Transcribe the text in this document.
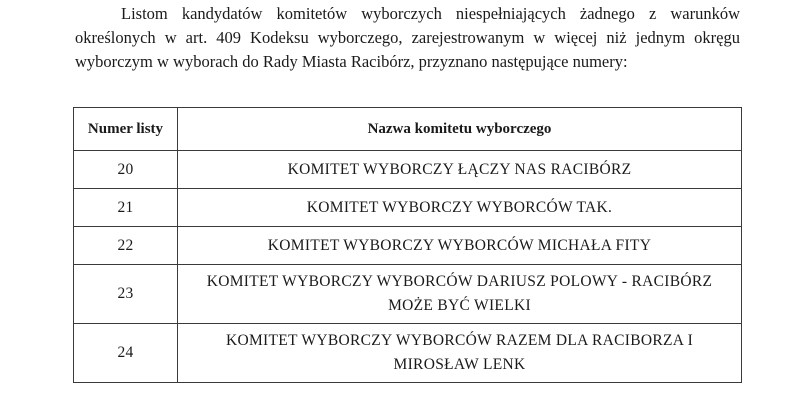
Listom kandydatów komitetów wyborczych niespełniających żadnego z warunków określonych w art. 409 Kodeksu wyborczego, zarejestrowanym w więcej niż jednym okręgu wyborczym w wyborach do Rady Miasta Racibórz, przyznano następujące numery:

Numer listy	Nazwa komitetu wyborczego
20	KOMITET WYBORCZY ŁĄCZY NAS RACIBÓRZ
21	KOMITET WYBORCZY WYBORCÓW TAK.
22	KOMITET WYBORCZY WYBORCÓW MICHAŁA FITY
23	KOMITET WYBORCZY WYBORCÓW DARIUSZ POLOWY - RACIBÓRZ MOŻE BYĆ WIELKI
24	KOMITET WYBORCZY WYBORCÓW RAZEM DLA RACIBORZA I MIROSŁAW LENK
